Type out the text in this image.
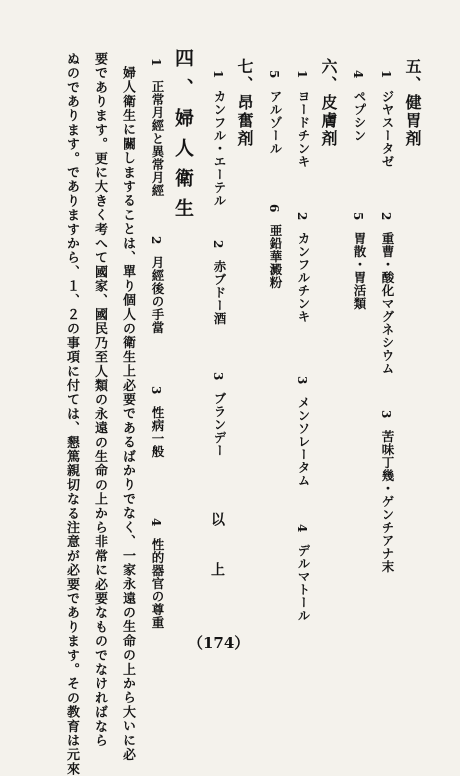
五、健胃剤
1
ジヤスータゼ
2
重曹・酸化マグネシウム
3
苦味丁幾・ゲンチアナ末
4
ペプシン
5
胃散・胃活類
六、皮膚剤
1
ヨードチンキ
2
カンフルチンキ
3
メンソレータム
4
デルマトール
5
アルゾール
6
亜鉛華澱粉
七、昂奮剤
1
カンフル・エーテル
2
赤ブドー酒
3
ブランデー
以上
四、婦人衛生
1
正常月經と異常月經
2
月經後の手當
3
性病一般
4
性的器官の尊重
婦人衛生に關しますることは、單り個人の衛生上必要であるばかりでなく、一家永遠の生命の上から大いに必
要であります。更に大きく考へて國家、國民乃至人類の永遠の生命の上から非常に必要なものでなければなら
ぬのであります。でありますから、１、２の事項に付ては、懇篤親切なる注意が必要であります。その教育は元來	（174）
